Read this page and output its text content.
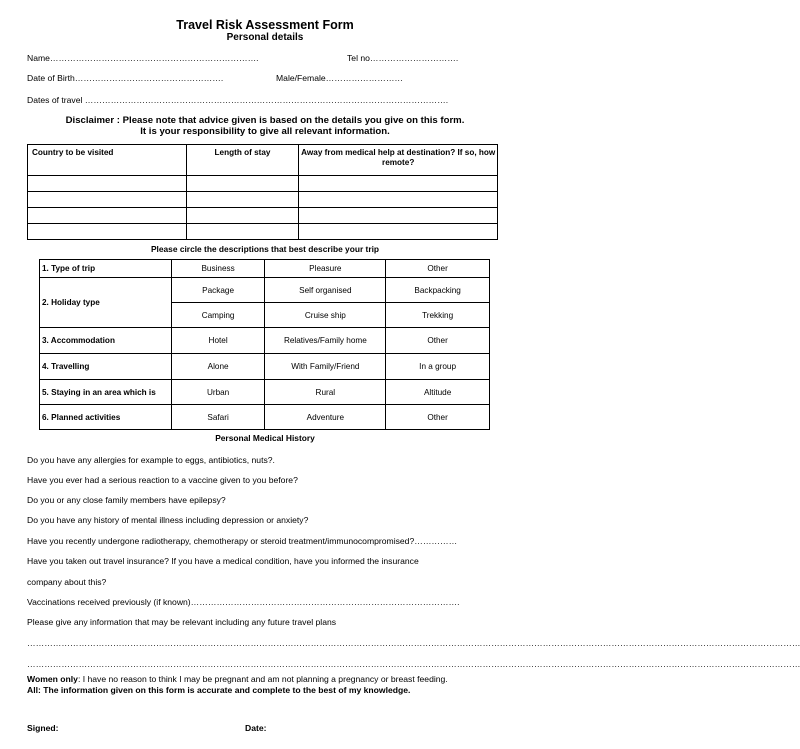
Travel Risk Assessment Form
Personal details
Name……………………………………………………………….	Tel no………………………….
Date of Birth…………………………………………….	Male/Female………………………
Dates of travel ……………………………………………………………………………………………………………….
Disclaimer : Please note that advice given is based on the details you give on this form.
It is your responsibility to give all relevant information.
Country to be visited	Length of stay	Away from medical help at destination? If so, how remote?

Please circle the descriptions that best describe your trip
1. Type of trip	Business	Pleasure	Other
2. Holiday type	Package	Self organised	Backpacking
	Camping	Cruise ship	Trekking
3. Accommodation	Hotel	Relatives/Family home	Other
4. Travelling	Alone	With Family/Friend	In a group
5. Staying in an area which is	Urban	Rural	Altitude
6. Planned activities	Safari	Adventure	Other
Personal Medical History
Do you have any allergies for example to eggs, antibiotics, nuts?.
Have you ever had a serious reaction to a vaccine given to you before?
Do you or any close family members have epilepsy?
Do you have any history of mental illness including depression or anxiety?
Have you recently undergone radiotherapy, chemotherapy or steroid treatment/immunocompromised?……………
Have you taken out travel insurance? If you have a medical condition, have you informed the insurance
company about this?
Vaccinations received previously (if known)………………………………………………………………………………….
Please give any information that may be relevant including any future travel plans
………………………………………………………………………………………………………………………………………………………………………………………………………………………………………………
………………………………………………………………………………………………………………………………………………………………………………………………………………………………………………
Women only: I have no reason to think I may be pregnant and am not planning a pregnancy or breast feeding.
All: The information given on this form is accurate and complete to the best of my knowledge.
Signed:	Date:
